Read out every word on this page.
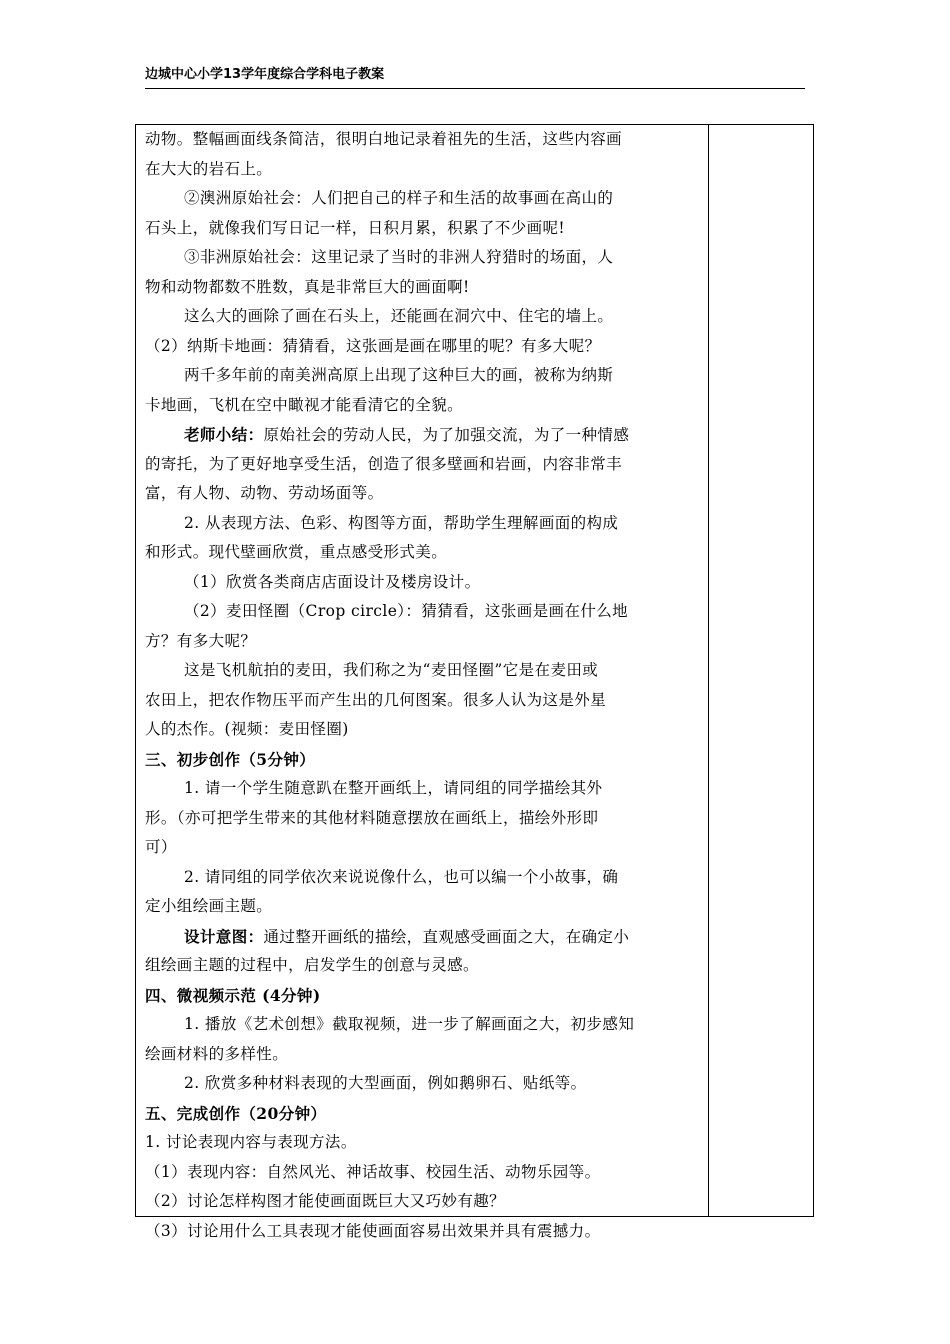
边城中心小学13学年度综合学科电子教案
动物。整幅画面线条简洁，很明白地记录着祖先的生活，这些内容画
在大大的岩石上。
②澳洲原始社会：人们把自己的样子和生活的故事画在高山的
石头上，就像我们写日记一样，日积月累，积累了不少画呢!
③非洲原始社会：这里记录了当时的非洲人狩猎时的场面，人
物和动物都数不胜数，真是非常巨大的画面啊!
这么大的画除了画在石头上，还能画在洞穴中、住宅的墙上。
（2）纳斯卡地画：猜猜看，这张画是画在哪里的呢？有多大呢？
两千多年前的南美洲高原上出现了这种巨大的画，被称为纳斯
卡地画，飞机在空中瞰视才能看清它的全貌。
老师小结：原始社会的劳动人民，为了加强交流，为了一种情感
的寄托，为了更好地享受生活，创造了很多壁画和岩画，内容非常丰
富，有人物、动物、劳动场面等。
2. 从表现方法、色彩、构图等方面，帮助学生理解画面的构成
和形式。现代壁画欣赏，重点感受形式美。
（1）欣赏各类商店店面设计及楼房设计。
（2）麦田怪圈（Crop circle）：猜猜看，这张画是画在什么地
方？有多大呢？
这是飞机航拍的麦田，我们称之为“麦田怪圈”它是在麦田或
农田上，把农作物压平而产生出的几何图案。很多人认为这是外星
人的杰作。(视频：麦田怪圈)
三、初步创作（5分钟）
1. 请一个学生随意趴在整开画纸上，请同组的同学描绘其外
形。（亦可把学生带来的其他材料随意摆放在画纸上，描绘外形即
可）
2. 请同组的同学依次来说说像什么，也可以编一个小故事，确
定小组绘画主题。
设计意图：通过整开画纸的描绘，直观感受画面之大，在确定小
组绘画主题的过程中，启发学生的创意与灵感。
四、微视频示范 (4分钟)
1. 播放《艺术创想》截取视频，进一步了解画面之大，初步感知
绘画材料的多样性。
2. 欣赏多种材料表现的大型画面，例如鹅卵石、贴纸等。
五、完成创作（20分钟）
1. 讨论表现内容与表现方法。
（1）表现内容：自然风光、神话故事、校园生活、动物乐园等。
（2）讨论怎样构图才能使画面既巨大又巧妙有趣？
（3）讨论用什么工具表现才能使画面容易出效果并具有震撼力。
